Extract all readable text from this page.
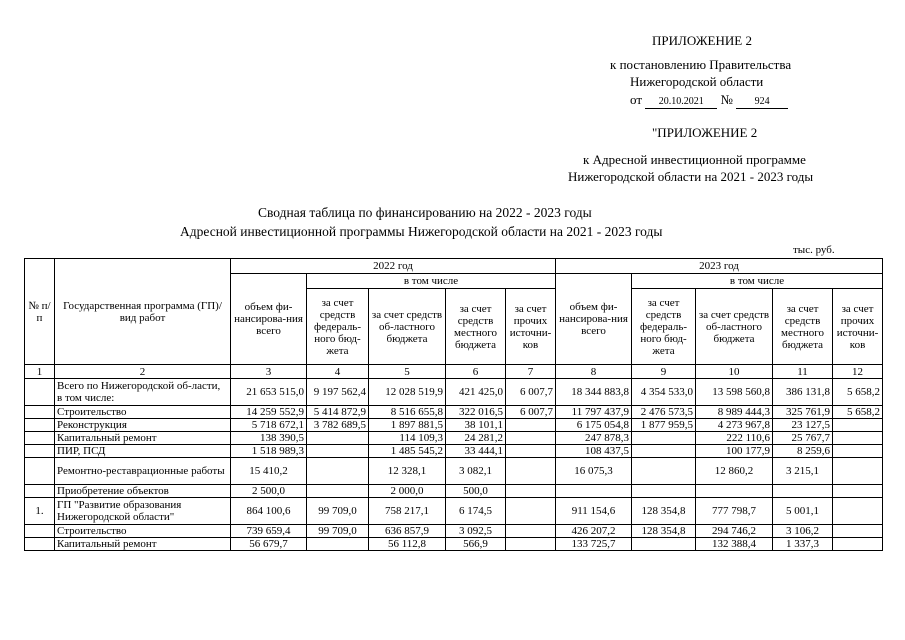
ПРИЛОЖЕНИЕ 2
к постановлению Правительства
Нижегородской области
от 20.10.2021 № 924
"ПРИЛОЖЕНИЕ 2
к Адресной инвестиционной программе
Нижегородской области на 2021 - 2023 годы
Сводная таблица по финансированию на 2022 - 2023 годы
Адресной инвестиционной программы Нижегородской области на 2021 - 2023 годы
тыс. руб.
№ п/п	Государственная программа (ГП)/ вид работ	2022 год					2023 год				
		объем фи-нансирова-ния всего	в том числе				объем фи-нансирова-ния всего	в том числе			
			за счет средств федераль-ного бюд-жета	за счет средств об-ластного бюджета	за счет средств местного бюджета	за счет прочих источни-ков		за счет средств федераль-ного бюд-жета	за счет средств об-ластного бюджета	за счет средств местного бюджета	за счет прочих источни-ков
1	2	3	4	5	6	7	8	9	10	11	12
	Всего по Нижегородской об-ласти, в том числе:	21 653 515,0	9 197 562,4	12 028 519,9	421 425,0	6 007,7	18 344 883,8	4 354 533,0	13 598 560,8	386 131,8	5 658,2
	Строительство	14 259 552,9	5 414 872,9	8 516 655,8	322 016,5	6 007,7	11 797 437,9	2 476 573,5	8 989 444,3	325 761,9	5 658,2
	Реконструкция	5 718 672,1	3 782 689,5	1 897 881,5	38 101,1		6 175 054,8	1 877 959,5	4 273 967,8	23 127,5	
	Капитальный ремонт	138 390,5		114 109,3	24 281,2		247 878,3		222 110,6	25 767,7	
	ПИР, ПСД	1 518 989,3		1 485 545,2	33 444,1		108 437,5		100 177,9	8 259,6	
	Ремонтно-реставрационные работы	15 410,2		12 328,1	3 082,1		16 075,3		12 860,2	3 215,1	
	Приобретение объектов	2 500,0		2 000,0	500,0						
1.	ГП "Развитие образования Нижегородской области"	864 100,6	99 709,0	758 217,1	6 174,5		911 154,6	128 354,8	777 798,7	5 001,1	
	Строительство	739 659,4	99 709,0	636 857,9	3 092,5		426 207,2	128 354,8	294 746,2	3 106,2	
	Капитальный ремонт	56 679,7		56 112,8	566,9		133 725,7		132 388,4	1 337,3	
